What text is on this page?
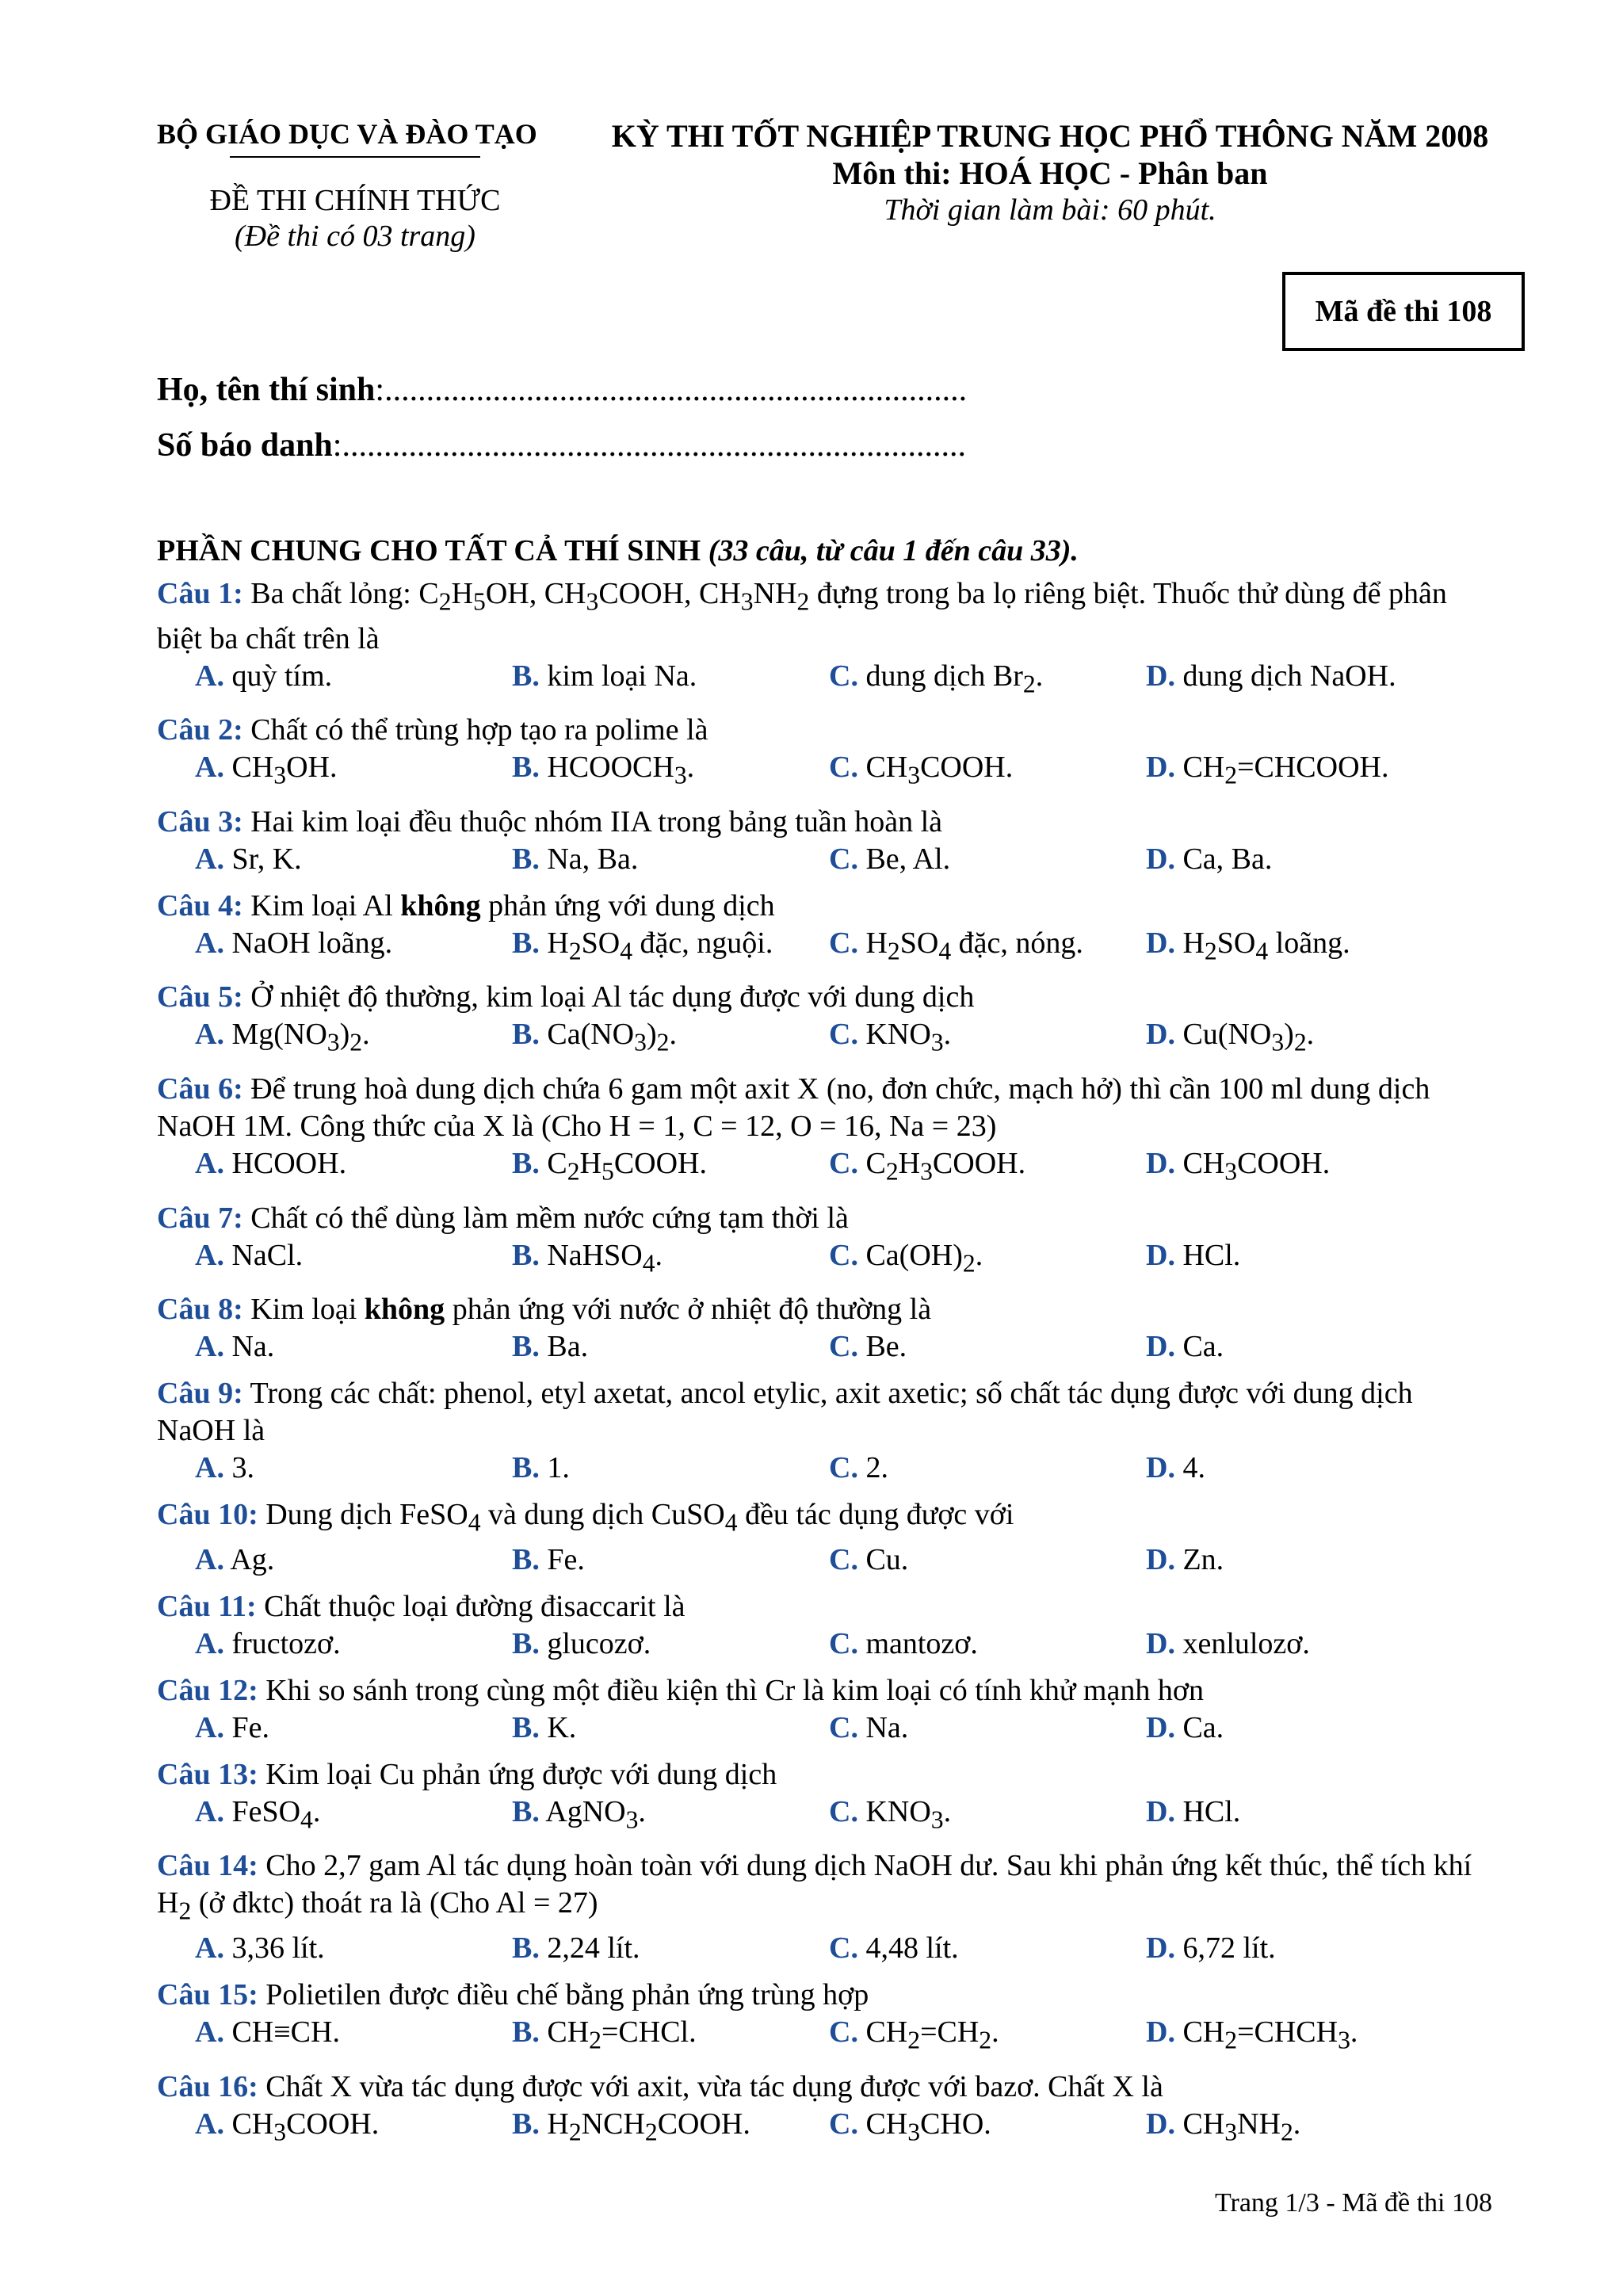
BỘ GIÁO DỤC VÀ ĐÀO TẠO
ĐỀ THI CHÍNH THỨC
(Đề thi có 03 trang)
KỲ THI TỐT NGHIỆP TRUNG HỌC PHỔ THÔNG NĂM 2008
Môn thi: HOÁ HỌC - Phân ban
Thời gian làm bài: 60 phút.
Mã đề thi 108
Họ, tên thí sinh:......................................................................
Số báo danh:...........................................................................
PHẦN CHUNG CHO TẤT CẢ THÍ SINH (33 câu, từ câu 1 đến câu 33).
Câu 1: Ba chất lỏng: $C_2H_5OH$, $CH_3COOH$, $CH_3NH_2$ đựng trong ba lọ riêng biệt. Thuốc thử dùng để phân biệt ba chất trên là
A. quỳ tím.	B. kim loại Na.	C. dung dịch $Br_2$.	D. dung dịch NaOH.
Câu 2: Chất có thể trùng hợp tạo ra polime là
A. $CH_3OH$.	B. $HCOOCH_3$.	C. $CH_3COOH$.	D. $CH_2=CHCOOH$.
Câu 3: Hai kim loại đều thuộc nhóm IIA trong bảng tuần hoàn là
A. Sr, K.	B. Na, Ba.	C. Be, Al.	D. Ca, Ba.
Câu 4: Kim loại Al không phản ứng với dung dịch
A. NaOH loãng.	B. $H_2SO_4$ đặc, nguội.	C. $H_2SO_4$ đặc, nóng.	D. $H_2SO_4$ loãng.
Câu 5: Ở nhiệt độ thường, kim loại Al tác dụng được với dung dịch
A. $Mg(NO_3)_2$.	B. $Ca(NO_3)_2$.	C. $KNO_3$.	D. $Cu(NO_3)_2$.
Câu 6: Để trung hoà dung dịch chứa 6 gam một axit X (no, đơn chức, mạch hở) thì cần 100 ml dung dịch NaOH 1M. Công thức của X là (Cho H = 1, C = 12, O = 16, Na = 23)
A. HCOOH.	B. $C_2H_5COOH$.	C. $C_2H_3COOH$.	D. $CH_3COOH$.
Câu 7: Chất có thể dùng làm mềm nước cứng tạm thời là
A. NaCl.	B. NaHSO$_4$.	C. $Ca(OH)_2$.	D. HCl.
Câu 8: Kim loại không phản ứng với nước ở nhiệt độ thường là
A. Na.	B. Ba.	C. Be.	D. Ca.
Câu 9: Trong các chất: phenol, etyl axetat, ancol etylic, axit axetic; số chất tác dụng được với dung dịch NaOH là
A. 3.	B. 1.	C. 2.	D. 4.
Câu 10: Dung dịch FeSO$_4$ và dung dịch CuSO$_4$ đều tác dụng được với
A. Ag.	B. Fe.	C. Cu.	D. Zn.
Câu 11: Chất thuộc loại đường đisaccarit là
A. fructozơ.	B. glucozơ.	C. mantozơ.	D. xenlulozơ.
Câu 12: Khi so sánh trong cùng một điều kiện thì Cr là kim loại có tính khử mạnh hơn
A. Fe.	B. K.	C. Na.	D. Ca.
Câu 13: Kim loại Cu phản ứng được với dung dịch
A. FeSO$_4$.	B. AgNO$_3$.	C. $KNO_3$.	D. HCl.
Câu 14: Cho 2,7 gam Al tác dụng hoàn toàn với dung dịch NaOH dư. Sau khi phản ứng kết thúc, thể tích khí $H_2$ (ở đktc) thoát ra là (Cho Al = 27)
A. 3,36 lít.	B. 2,24 lít.	C. 4,48 lít.	D. 6,72 lít.
Câu 15: Polietilen được điều chế bằng phản ứng trùng hợp
A. CH≡CH.	B. $CH_2=CHCl$.	C. $CH_2=CH_2$.	D. $CH_2=CHCH_3$.
Câu 16: Chất X vừa tác dụng được với axit, vừa tác dụng được với bazơ. Chất X là
A. $CH_3COOH$.	B. $H_2NCH_2COOH$.	C. $CH_3CHO$.	D. $CH_3NH_2$.
Trang 1/3 - Mã đề thi 108
